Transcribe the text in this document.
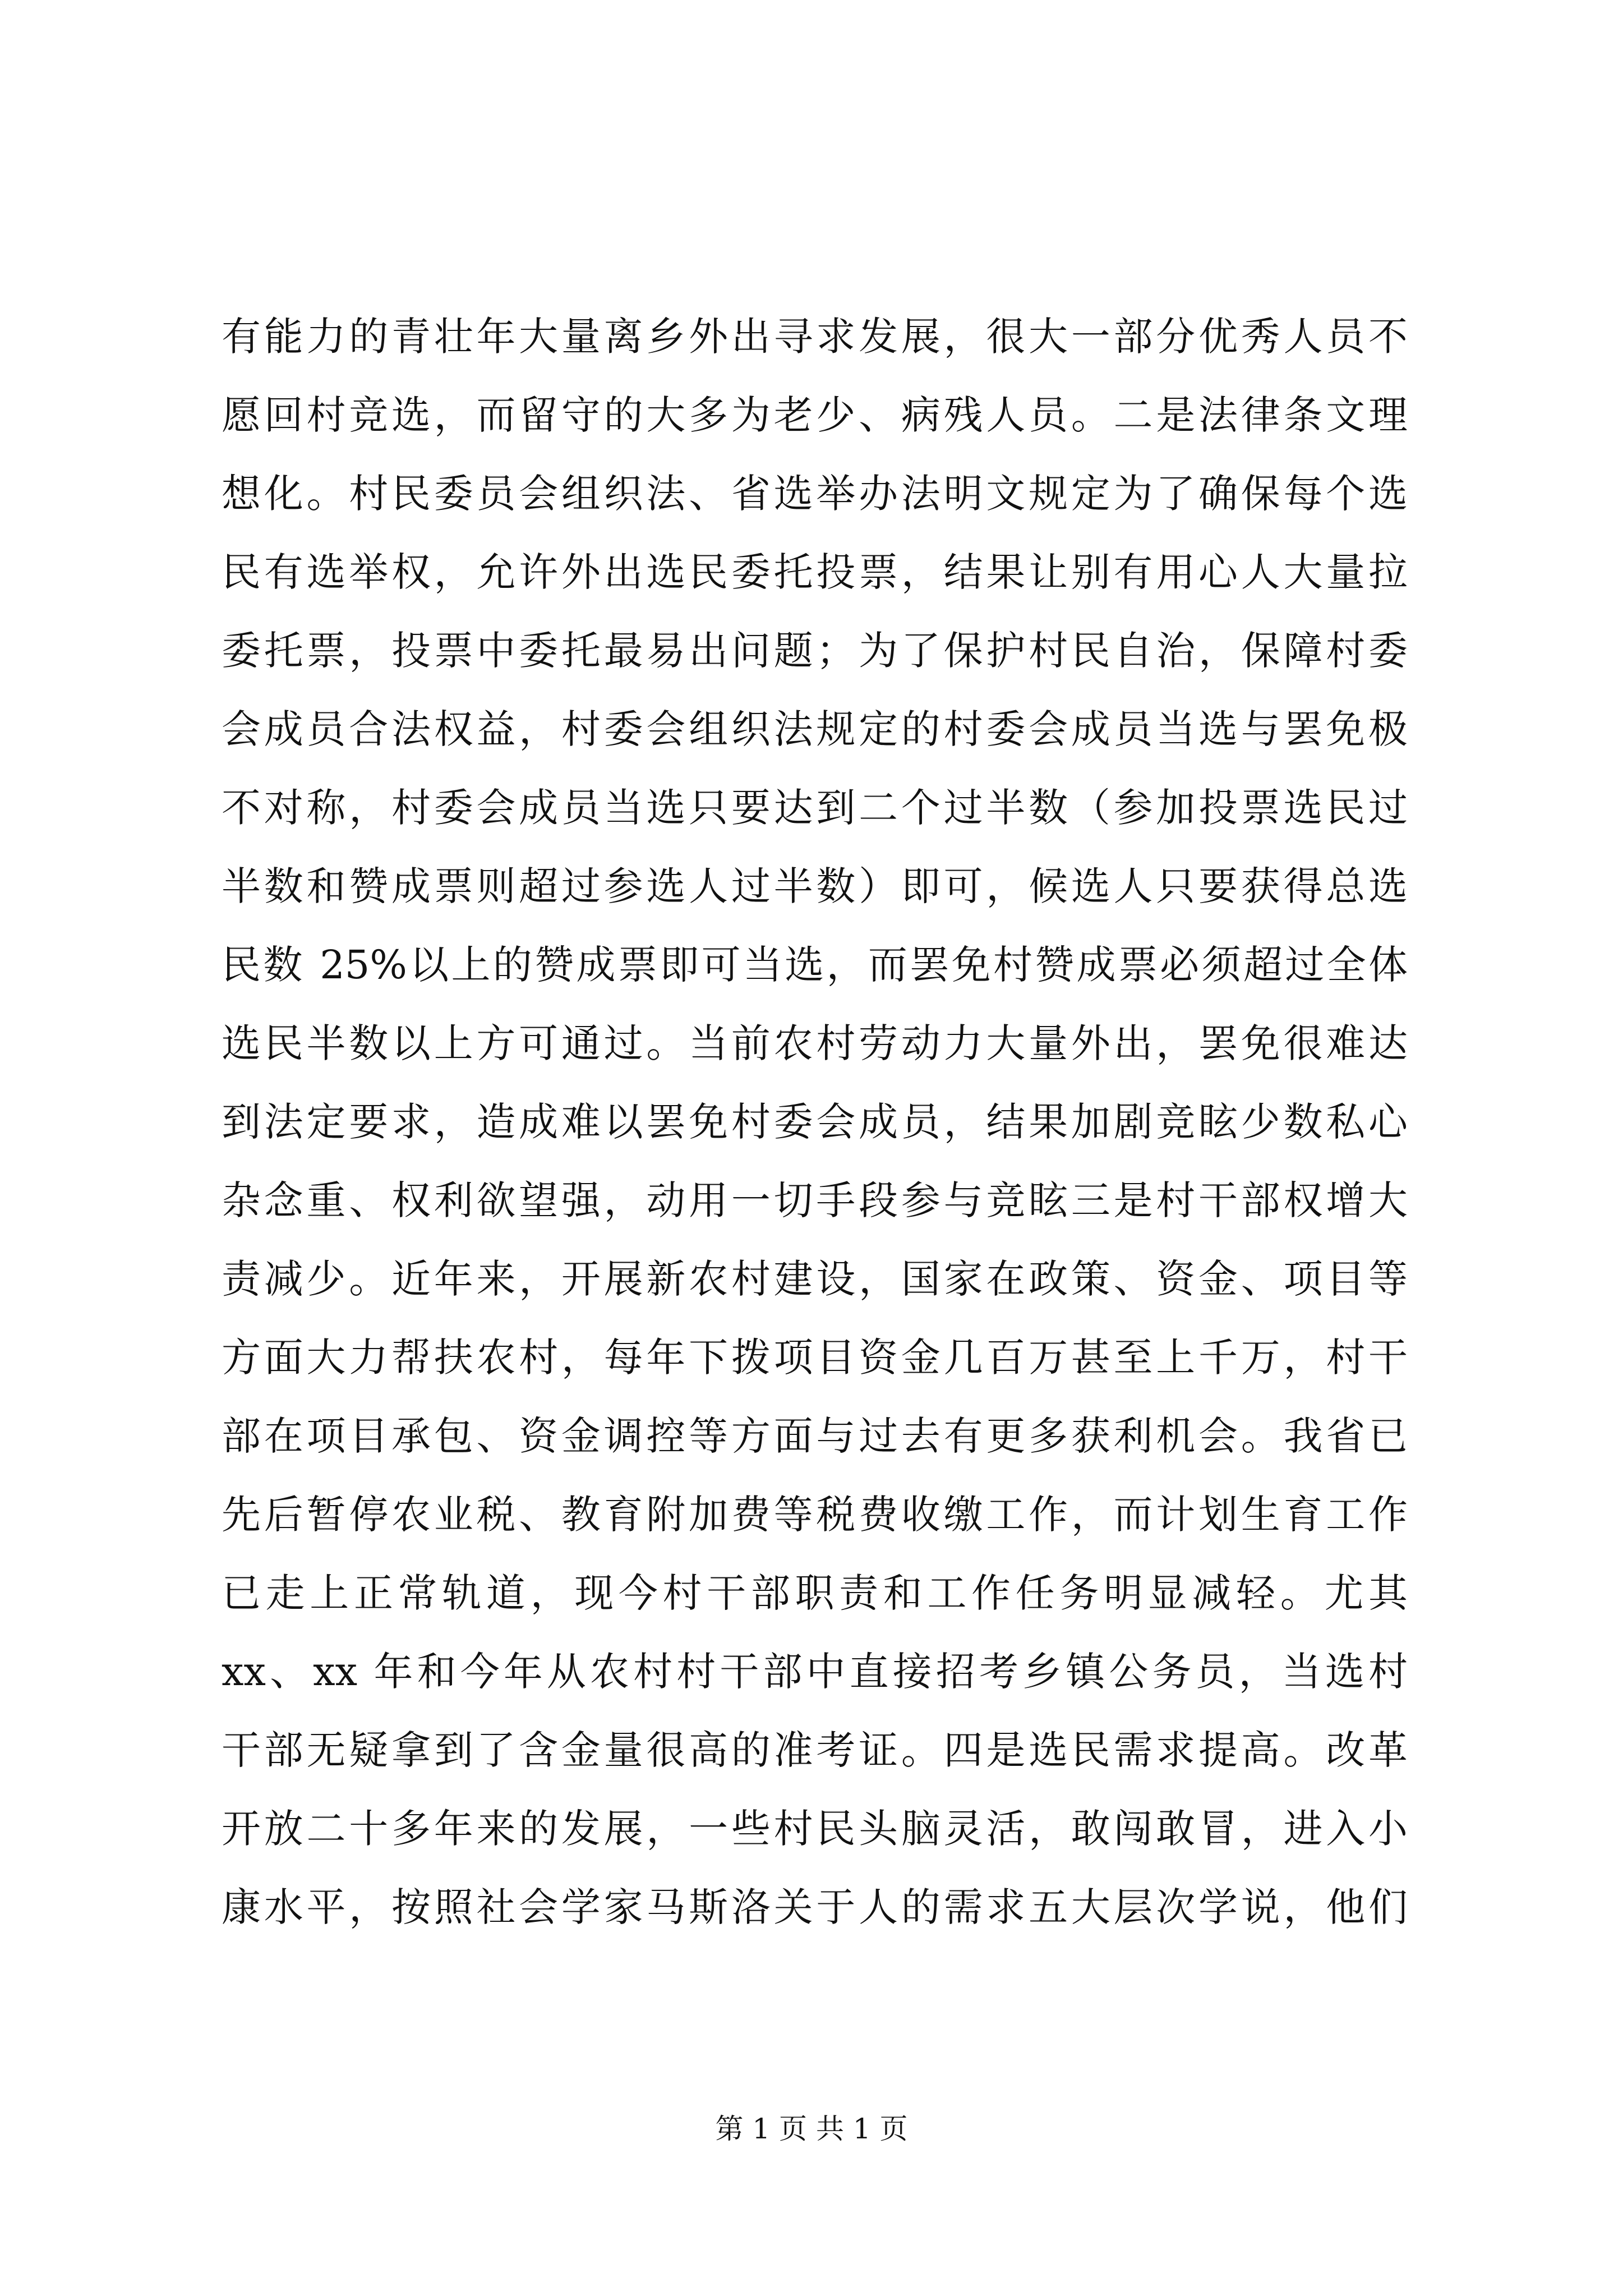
有能力的青壮年大量离乡外出寻求发展，很大一部分优秀人员不
愿回村竞选，而留守的大多为老少、病残人员。二是法律条文理
想化。村民委员会组织法、省选举办法明文规定为了确保每个选
民有选举权，允许外出选民委托投票，结果让别有用心人大量拉
委托票，投票中委托最易出问题；为了保护村民自治，保障村委
会成员合法权益，村委会组织法规定的村委会成员当选与罢免极
不对称，村委会成员当选只要达到二个过半数（参加投票选民过
半数和赞成票则超过参选人过半数）即可，候选人只要获得总选
民数 25%以上的赞成票即可当选，而罢免村赞成票必须超过全体
选民半数以上方可通过。当前农村劳动力大量外出，罢免很难达
到法定要求，造成难以罢免村委会成员，结果加剧竞眩少数私心
杂念重、权利欲望强，动用一切手段参与竞眩三是村干部权增大
责减少。近年来，开展新农村建设，国家在政策、资金、项目等
方面大力帮扶农村，每年下拨项目资金几百万甚至上千万，村干
部在项目承包、资金调控等方面与过去有更多获利机会。我省已
先后暂停农业税、教育附加费等税费收缴工作，而计划生育工作
已走上正常轨道，现今村干部职责和工作任务明显减轻。尤其
xx、xx 年和今年从农村村干部中直接招考乡镇公务员，当选村
干部无疑拿到了含金量很高的准考证。四是选民需求提高。改革
开放二十多年来的发展，一些村民头脑灵活，敢闯敢冒，进入小
康水平，按照社会学家马斯洛关于人的需求五大层次学说，他们
第 1 页 共 1 页
